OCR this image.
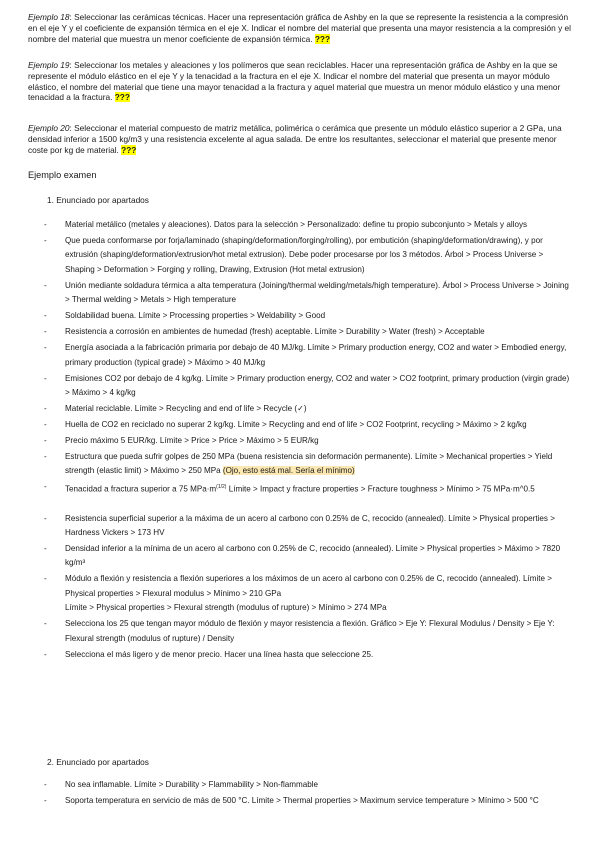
Ejemplo 18: Seleccionar las cerámicas técnicas. Hacer una representación gráfica de Ashby en la que se represente la resistencia a la compresión en el eje Y y el coeficiente de expansión térmica en el eje X. Indicar el nombre del material que presenta una mayor resistencia a la compresión y el nombre del material que muestra un menor coeficiente de expansión térmica. ???

Ejemplo 19: Seleccionar los metales y aleaciones y los polímeros que sean reciclables. Hacer una representación gráfica de Ashby en la que se represente el módulo elástico en el eje Y y la tenacidad a la fractura en el eje X. Indicar el nombre del material que presenta un mayor módulo elástico, el nombre del material que tiene una mayor tenacidad a la fractura y aquel material que muestra un menor módulo elástico y una menor tenacidad a la fractura. ???

Ejemplo 20: Seleccionar el material compuesto de matriz metálica, polimérica o cerámica que presente un módulo elástico superior a 2 GPa, una densidad inferior a 1500 kg/m3 y una resistencia excelente al agua salada. De entre los resultantes, seleccionar el material que presente menor coste por kg de material. ???

Ejemplo examen
1. Enunciado por apartados
- Material metálico (metales y aleaciones). Datos para la selección > Personalizado: define tu propio subconjunto > Metals y alloys
- Que pueda conformarse por forja/laminado (shaping/deformation/forging/rolling), por embutición (shaping/deformation/drawing), y por extrusión (shaping/deformation/extrusion/hot metal extrusion). Debe poder procesarse por los 3 métodos. Árbol > Process Universe > Shaping > Deformation > Forging y rolling, Drawing, Extrusion (Hot metal extrusion)
- Unión mediante soldadura térmica a alta temperatura (Joining/thermal welding/metals/high temperature). Árbol > Process Universe > Joining > Thermal welding > Metals > High temperature
- Soldabilidad buena. Límite > Processing properties > Weldability > Good
- Resistencia a corrosión en ambientes de humedad (fresh) aceptable. Límite > Durability > Water (fresh) > Acceptable
- Energía asociada a la fabricación primaria por debajo de 40 MJ/kg. Límite > Primary production energy, CO2 and water > Embodied energy, primary production (typical grade) > Máximo > 40 MJ/kg
- Emisiones CO2 por debajo de 4 kg/kg. Límite > Primary production energy, CO2 and water > CO2 footprint, primary production (virgin grade) > Máximo > 4 kg/kg
- Material reciclable. Límite > Recycling and end of life > Recycle (✓)
- Huella de CO2 en reciclado no superar 2 kg/kg. Límite > Recycling and end of life > CO2 Footprint, recycling > Máximo > 2 kg/kg
- Precio máximo 5 EUR/kg. Límite > Price > Price > Máximo > 5 EUR/kg
- Estructura que pueda sufrir golpes de 250 MPa (buena resistencia sin deformación permanente). Límite > Mechanical properties > Yield strength (elastic limit) > Máximo > 250 MPa (Ojo, esto está mal. Sería el mínimo)
- Tenacidad a fractura superior a 75 $MPa\cdot m^{(1/2)}$ Límite > Impact y fracture properties > Fracture toughness > Mínimo > 75 MPa·m^0.5
- Resistencia superficial superior a la máxima de un acero al carbono con 0.25% de C, recocido (annealed). Límite > Physical properties > Hardness Vickers > 173 HV
- Densidad inferior a la mínima de un acero al carbono con 0.25% de C, recocido (annealed). Límite > Physical properties > Máximo > 7820 kg/m³
- Módulo a flexión y resistencia a flexión superiores a los máximos de un acero al carbono con 0.25% de C, recocido (annealed). Límite > Physical properties > Flexural modulus > Mínimo > 210 GPa
Límite > Physical properties > Flexural strength (modulus of rupture) > Mínimo > 274 MPa
- Selecciona los 25 que tengan mayor módulo de flexión y mayor resistencia a flexión. Gráfico > Eje Y: Flexural Modulus / Density > Eje Y: Flexural strength (modulus of rupture) / Density
- Selecciona el más ligero y de menor precio. Hacer una línea hasta que seleccione 25.
2. Enunciado por apartados
- No sea inflamable. Límite > Durability > Flammability > Non-flammable
- Soporta temperatura en servicio de más de 500 °C. Límite > Thermal properties > Maximum service temperature > Mínimo > 500 °C
